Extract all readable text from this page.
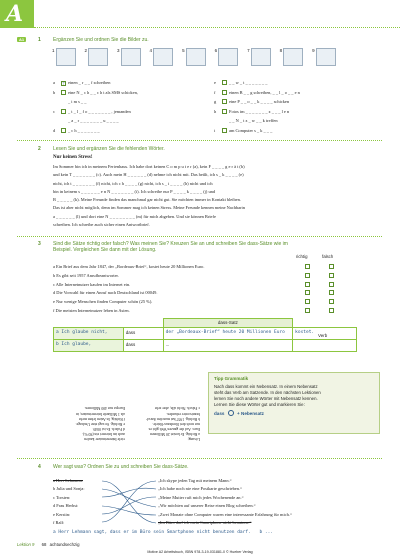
A
A1	1 Ergänzen Sie und ordnen Sie die Bilder zu.
1	2	3	4	5	6	7	8	9
a 7 einen _ r _ _ f schreiben
b	eine N _ c h _ _ c h t als SMS schicken,
_ i m s _ _
c	_ t _ l _ f o _ _ _ _ _ _ _ , jemanden
_ a _ r _ _ _ _ _ _ _ u _ _ _ _
d	_ c h _ _ _ _ _ _ _
e	_ _ w _ t _ _ _ _ _ _ _
f	einen B _ _ g schreiben, _ _ l _ o _ _ e n
g	eine P _ _ o _ _ k _ _ _ _ schicken
h	Fotos im _ _ _ _ _ _ _ z _ _ _ l e n
_ _ N _ t z _ w _ _ k treffen
i	am Computer s _ k _ _ _
2 Lesen Sie und ergänzen Sie die fehlenden Wörter.
Nur keinen Stress!
Im Sommer bin ich in meinem Ferienhaus. Ich habe dort keinen C o m p u t e r (a), kein F _ _ _ _ g e r ä t (b)
und kein T _ _ _ _ _ _ _ (c). Auch mein H _ _ _ _ _ _ (d) nehme ich nicht mit. Das heißt, ich s _ k _ _ _ _ (e)
nicht, ich t _ _ _ _ _ _ _ (f) nicht, ich c h _ _ _ _ (g) nicht, ich s _ i _ _ _ _ (h) nicht und ich
bin in keinem s _ _ _ _ _ _ e n N _ _ _ _ _ _ _ (i). Ich schreibe nur P _ _ _ _ k _ _ _ _ (j) und
B _ _ _ _ _ (k). Meine Freunde finden das manchmal gar nicht gut. Sie möchten immer in Kontakt bleiben.
Das ist aber nicht möglich, denn im Sommer mag ich keinen Stress. Meine Freunde kennen meine Nachbarin
a _ _ _ _ _ _ (l) und dort eine N _ _ _ _ _ _ _ _ (m) für mich abgeben. Und sie können Briefe
schreiben. Ich schreibe auch sicher einen Antwortbrief.
3 Sind die Sätze richtig oder falsch? Was meinen Sie? Kreuzen Sie an und schreiben Sie dass-Sätze wie im Beispiel. Vergleichen Sie dann mit der Lösung.
richtig	falsch
a Ein Brief aus dem Jahr 1847, der „Bordeaux-Brief“, kostet heute 20 Millionen Euro.
b Es gibt seit 1957 Anrufbeantworter.
c Alle Internetnutzer kaufen im Internet ein.
d Die Vorwahl für einen Anruf nach Deutschland ist 00049.
e Nur wenige Menschen finden Computer schön (25 %).
f Die meisten Internetnutzer leben in Asien.
		dass-Satz	
a Ich glaube nicht,	dass	der „Bordeaux-Brief“ heute 20 Millionen Euro	kostet.
b Ich glaube,	dass	...	
Verb
Lösung:
a Richtig. Er kostet 20 Millionen
Euro. Auf der ganzen Welt gibt es
nur noch drei Bordeaux-Briefe.
b Richtig. 1957 hat man den Anruf-
beantworter erfunden.
c Falsch. Nicht alle, aber sehr
viele Internetnutzer kaufen
auch im Internet ein (80 %).
d Falsch. Es ist 0049.
e Richtig. So sagt eine Umfrage.
f Richtig. In Asien leben mehr
als 1 Milliarde Internetnutzer, in
Europa nur 400 Millionen.
Tipp Grammatik
Nach dass kommt ein Nebensatz. In einem Nebensatz
steht das Verb am Satzende. In den nächsten Lektionen
lernen Sie noch andere Wörter mit Nebensatz kennen.
Lernen Sie diese Wörter gut und markieren Sie:
dass	+ Nebensatz
4 Wer sagt was? Ordnen Sie zu und schreiben Sie dass-Sätze.
a Herr Lehmann:
b Julia und Sonja:
c Torsten:
d Frau Herbst:
e Kerstin:
f Ralf:
„Ich skype jeden Tag mit meinem Mann.“
„Ich habe noch nie eine Postkarte geschrieben.“
„Meine Mutter ruft mich jedes Wochenende an.“
„Wir möchten auf unserer Reise einen Blog schreiben.“
„Zwei Monate ohne Computer waren eine interessante Erfahrung für mich.“
„Im Büro darf ich mein Smartphone nicht benutzen.“
a Herr Lehmann sagt, dass er im Büro sein Smartphone nicht benutzen darf. b ...
Lektion 9 68 achtundsechzig
Motive A2 Arbeitsbuch, ISBN 978-3-19-031881-0 © Hueber Verlag
